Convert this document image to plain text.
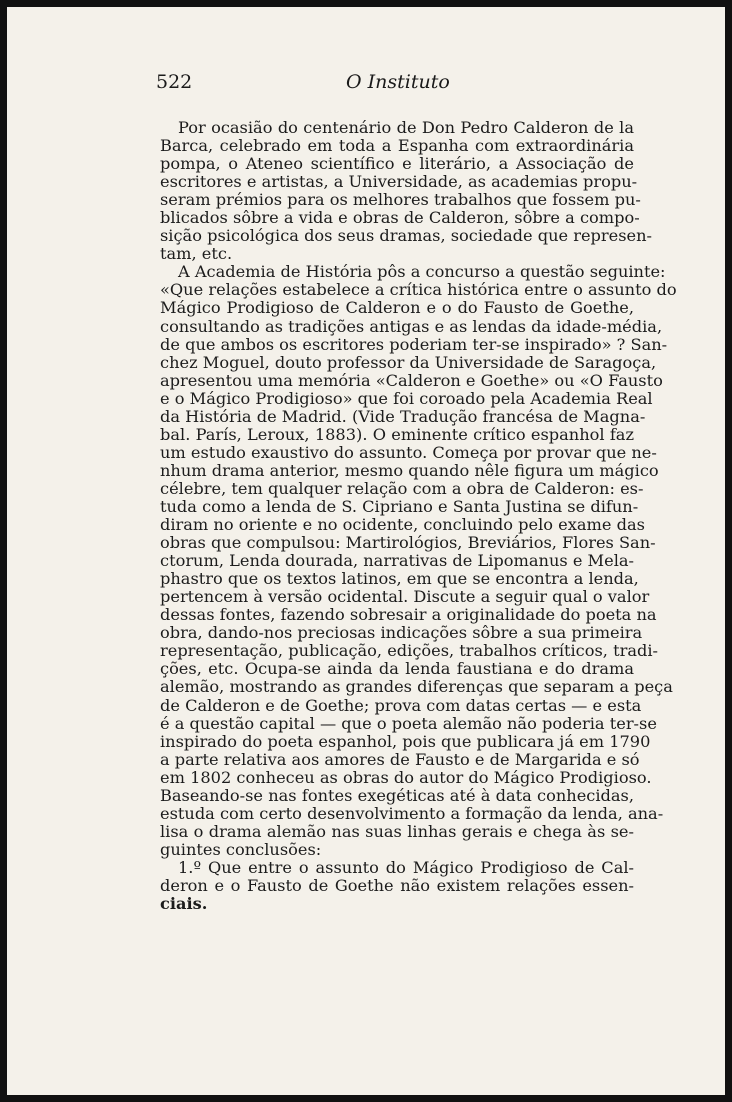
522	O Instituto
Por ocasião do centenário de Don Pedro Calderon de la
Barca, celebrado em toda a Espanha com extraordinária
pompa, o Ateneo scientífico e literário, a Associação de
escritores e artistas, a Universidade, as academias propu-
seram prémios para os melhores trabalhos que fossem pu-
blicados sôbre a vida e obras de Calderon, sôbre a compo-
sição psicológica dos seus dramas, sociedade que represen-
tam, etc.
A Academia de História pôs a concurso a questão seguinte:
«Que relações estabelece a crítica histórica entre o assunto do
Mágico Prodigioso de Calderon e o do Fausto de Goethe,
consultando as tradições antigas e as lendas da idade-média,
de que ambos os escritores poderiam ter-se inspirado» ? San-
chez Moguel, douto professor da Universidade de Saragoça,
apresentou uma memória «Calderon e Goethe» ou «O Fausto
e o Mágico Prodigioso» que foi coroado pela Academia Real
da História de Madrid. (Vide Tradução francésa de Magna-
bal. París, Leroux, 1883). O eminente crítico espanhol faz
um estudo exaustivo do assunto. Começa por provar que ne-
nhum drama anterior, mesmo quando nêle figura um mágico
célebre, tem qualquer relação com a obra de Calderon: es-
tuda como a lenda de S. Cipriano e Santa Justina se difun-
diram no oriente e no ocidente, concluindo pelo exame das
obras que compulsou: Martirológios, Breviários, Flores San-
ctorum, Lenda dourada, narrativas de Lipomanus e Mela-
phastro que os textos latinos, em que se encontra a lenda,
pertencem à versão ocidental. Discute a seguir qual o valor
dessas fontes, fazendo sobresair a originalidade do poeta na
obra, dando-nos preciosas indicações sôbre a sua primeira
representação, publicação, edições, trabalhos críticos, tradi-
ções, etc. Ocupa-se ainda da lenda faustiana e do drama
alemão, mostrando as grandes diferenças que separam a peça
de Calderon e de Goethe; prova com datas certas — e esta
é a questão capital — que o poeta alemão não poderia ter-se
inspirado do poeta espanhol, pois que publicara já em 1790
a parte relativa aos amores de Fausto e de Margarida e só
em 1802 conheceu as obras do autor do Mágico Prodigioso.
Baseando-se nas fontes exegéticas até à data conhecidas,
estuda com certo desenvolvimento a formação da lenda, ana-
lisa o drama alemão nas suas linhas gerais e chega às se-
guintes conclusões:
1.º Que entre o assunto do Mágico Prodigioso de Cal-
deron e o Fausto de Goethe não existem relações essen-
ciais.
